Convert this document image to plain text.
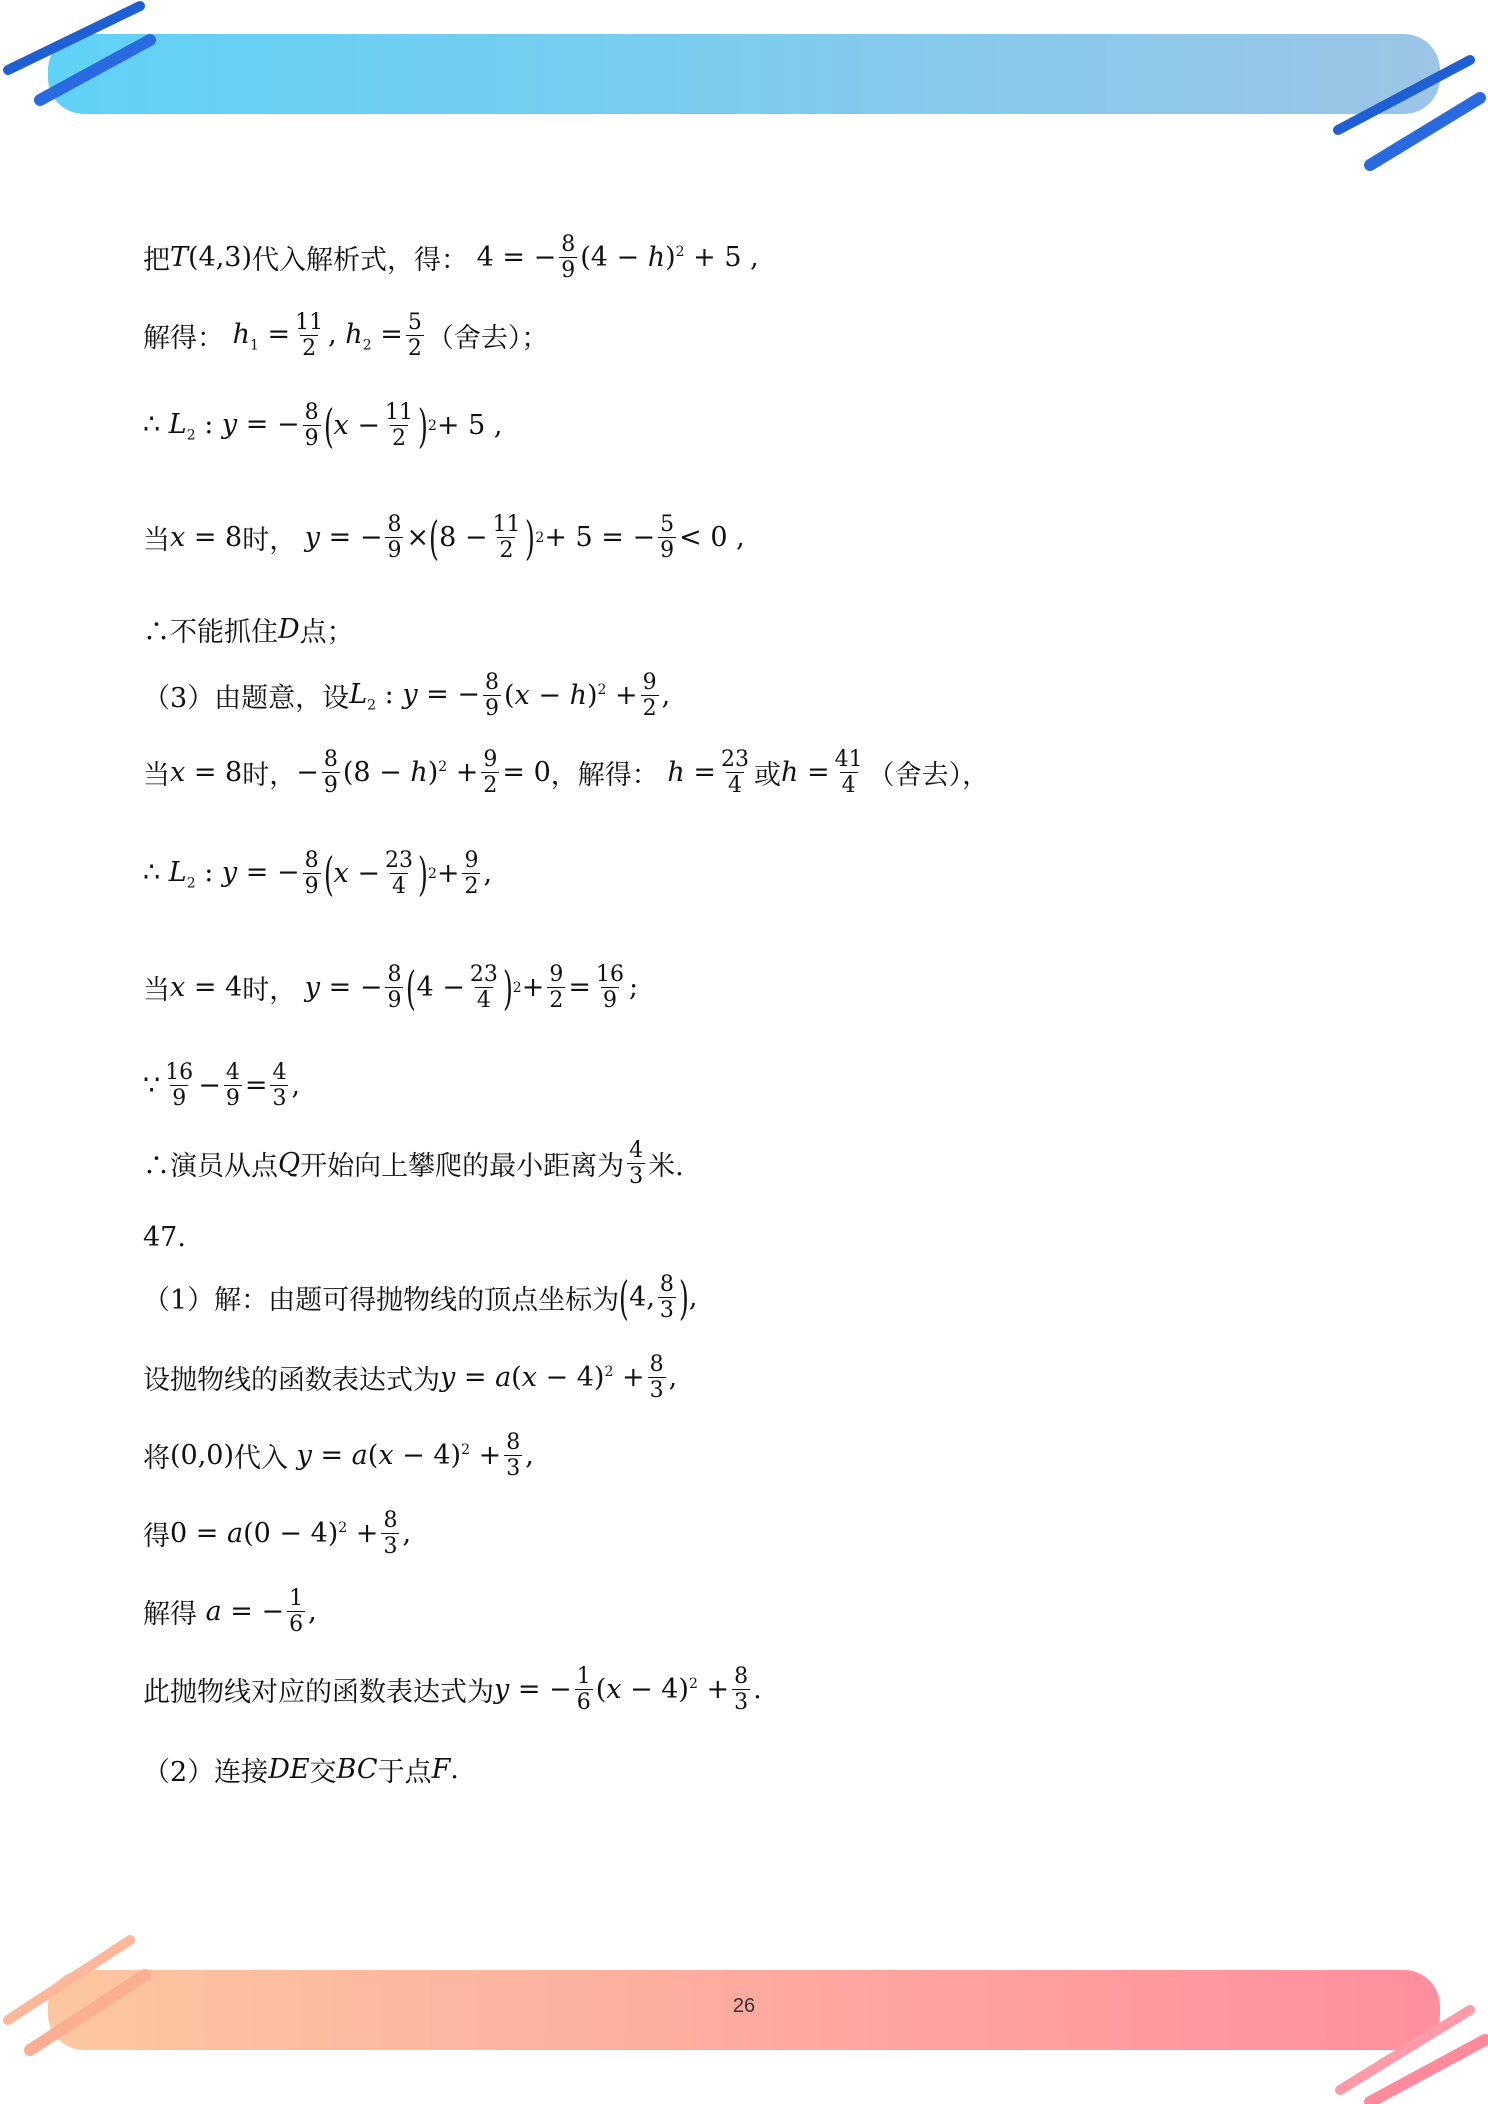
26
把 T(4,3) 代入解析式，得： 4 = − $\frac{8}{9} (4 - h)^2 + 5$ ,
解得： $h_1 = \frac{11}{2}$ , $h_2 = \frac{5}{2}$ （舍去）；
∴ $L_2$ : y = − $\frac{8}{9}$ ( $x - \frac{11}{2}$ ) 2 + 5 ,
当 x = 8 时， y = − $\frac{8}{9}$ × ( $8 - \frac{11}{2}$ ) 2 + 5 = − $\frac{5}{9} < 0$ ,
∴不能抓住 D 点；
（3）由题意，设 $L_2$ : y = − $\frac{8}{9} (x - h)^2 + \frac{9}{2}$ ,
当 x = 8 时， − $\frac{8}{9} (8 - h)^2 + \frac{9}{2} = 0$ ，解得： $h = \frac{23}{4}$ 或 $h = \frac{41}{4}$ （舍去），
∴ $L_2$ : y = − $\frac{8}{9}$ ( $x - \frac{23}{4}$ ) $2 + \frac{9}{2}$ ,
当 x = 4 时， y = − $\frac{8}{9}$ ( $4 - \frac{23}{4}$ ) $2 + \frac{9}{2} = \frac{16}{9}$ ;
∵ $\frac{16}{9} - \frac{4}{9} = \frac{4}{3}$ ,
∴演员从点 Q 开始向上攀爬的最小距离为 $\frac{4}{3}$ 米.
47.
（1）解：由题可得抛物线的顶点坐标为 ( 4, $\frac{8}{3}$ ) ,
设抛物线的函数表达式为 $y = a(x - 4)^2 + \frac{8}{3}$ ,
将 (0,0) 代入 $y = a(x - 4)^2 + \frac{8}{3}$ ,
得 $0 = a(0 - 4)^2 + \frac{8}{3}$ ,
解得 a = − $\frac{1}{6}$ ,
此抛物线对应的函数表达式为 y = − $\frac{1}{6} (x - 4)^2 + \frac{8}{3}$ .
（2）连接 DE 交 BC 于点 F.
